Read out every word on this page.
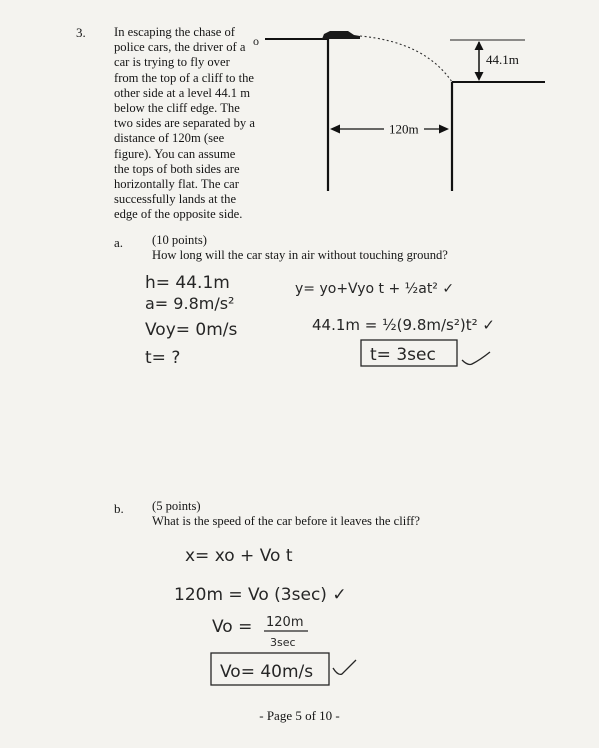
3. In escaping the chase of

police cars, the driver of a

car is trying to fly over

from the top of a cliff to the

other side at a level 44.1 m

below the cliff edge. The

two sides are separated by a

distance of 120m (see

figure). You can assume

the tops of both sides are

horizontally flat. The car

successfully lands at the

edge of the opposite side.

o
44.1m
120m
a. (10 points)
How long will the car stay in air without touching ground?
b. (5 points)
What is the speed of the car before it leaves the cliff?
h= 44.1m
a= 9.8m/s²
Voy= 0m/s
t= ?
y= yo+Vyo t + ½at² ✓
44.1m = ½(9.8m/s²)t² ✓
t= 3sec
x= xo + Vo t
120m = Vo (3sec) ✓
Vo = 120m
3sec
Vo= 40m/s
- Page 5 of 10 -
